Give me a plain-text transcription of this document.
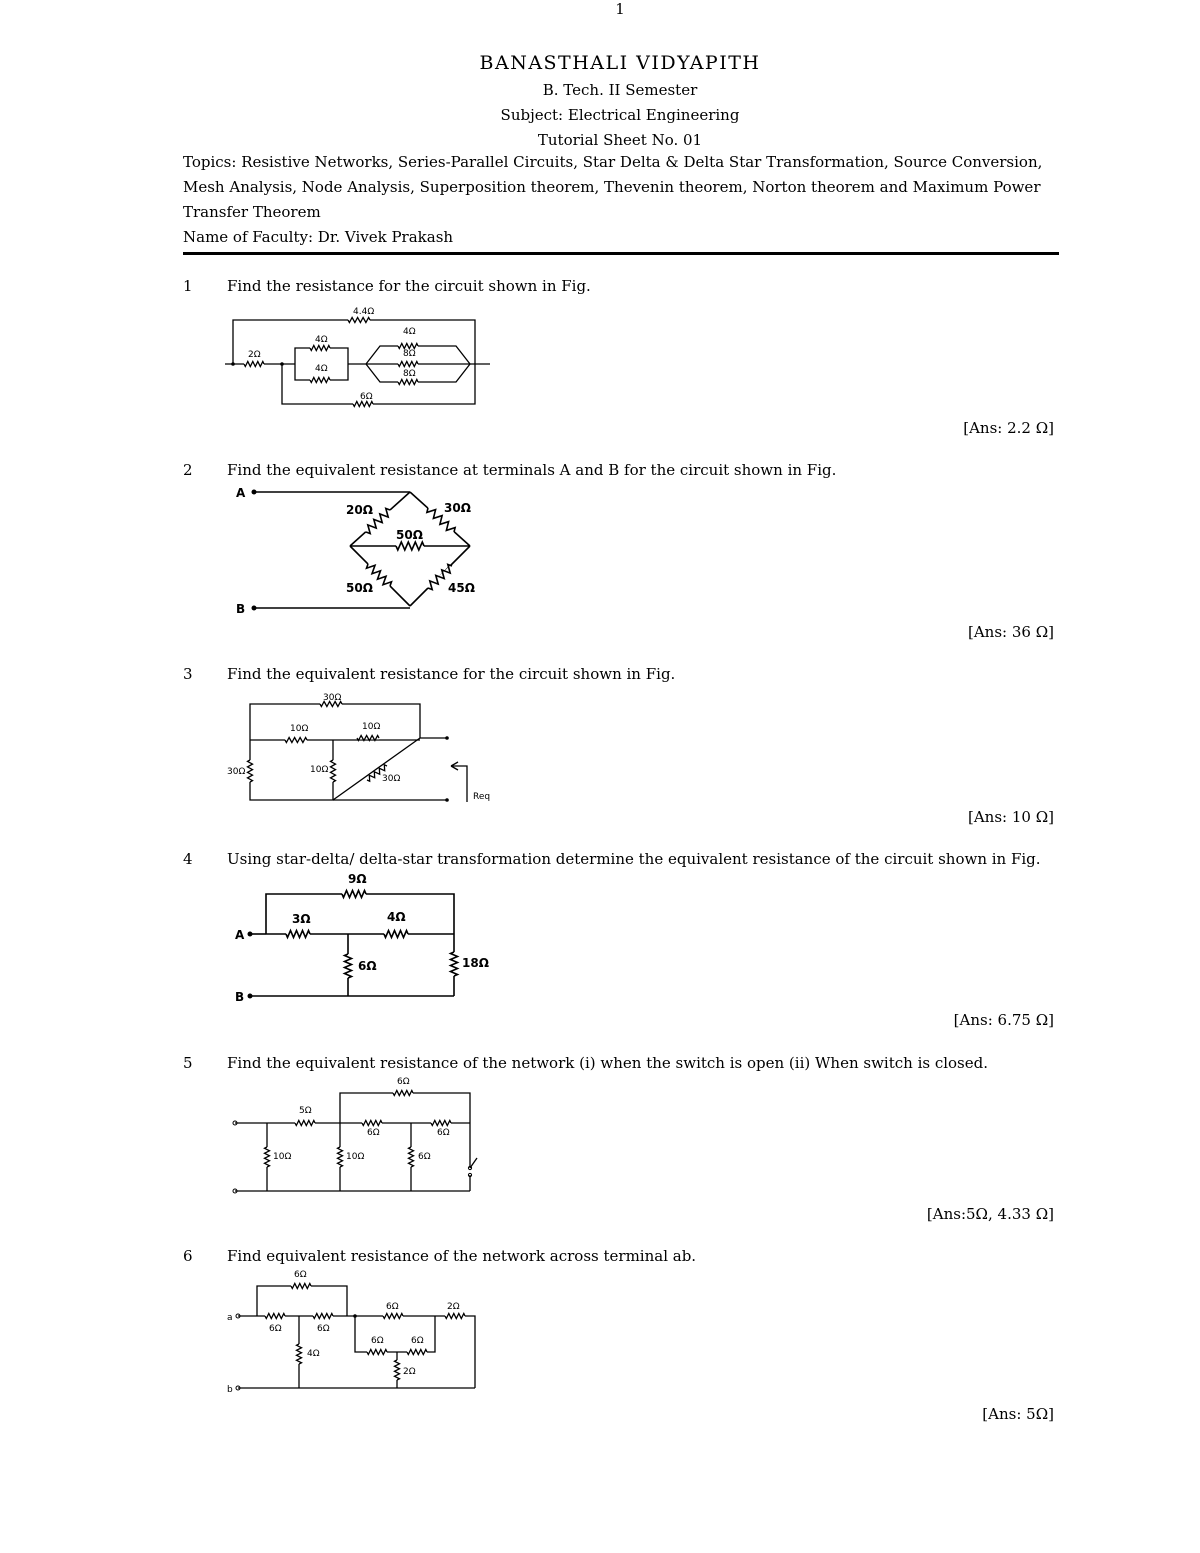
BANASTHALI VIDYAPITH
B. Tech. II Semester
Subject: Electrical Engineering
Tutorial Sheet No. 01
Topics: Resistive Networks, Series-Parallel Circuits, Star Delta & Delta Star Transformation, Source Conversion,
Mesh Analysis, Node Analysis, Superposition theorem, Thevenin theorem, Norton theorem and Maximum Power
Transfer Theorem
Name of Faculty: Dr. Vivek Prakash
1 Find the resistance for the circuit shown in Fig.
4.4Ω
2Ω
4Ω
4Ω
4Ω
8Ω
8Ω
6Ω
[Ans: 2.2 Ω]
2 Find the equivalent resistance at terminals A and B for the circuit shown in Fig.
A
B
20Ω	30Ω
50Ω
50Ω	45Ω
[Ans: 36 Ω]
3 Find the equivalent resistance for the circuit shown in Fig.
30Ω
10Ω	10Ω
30Ω	10Ω
30Ω
Req
[Ans: 10 Ω]
4 Using star-delta/ delta-star transformation determine the equivalent resistance of the circuit shown in Fig.
A
B
9Ω
3Ω	4Ω
6Ω	18Ω
[Ans: 6.75 Ω]
5 Find the equivalent resistance of the network (i) when the switch is open (ii) When switch is closed.
6Ω
5Ω
6Ω	6Ω
10Ω	10Ω	6Ω
[Ans:5Ω, 4.33 Ω]
6 Find equivalent resistance of the network across terminal ab.
a
b
6Ω
6Ω	6Ω
6Ω	2Ω
4Ω
6Ω	6Ω
2Ω
[Ans: 5Ω]
1
